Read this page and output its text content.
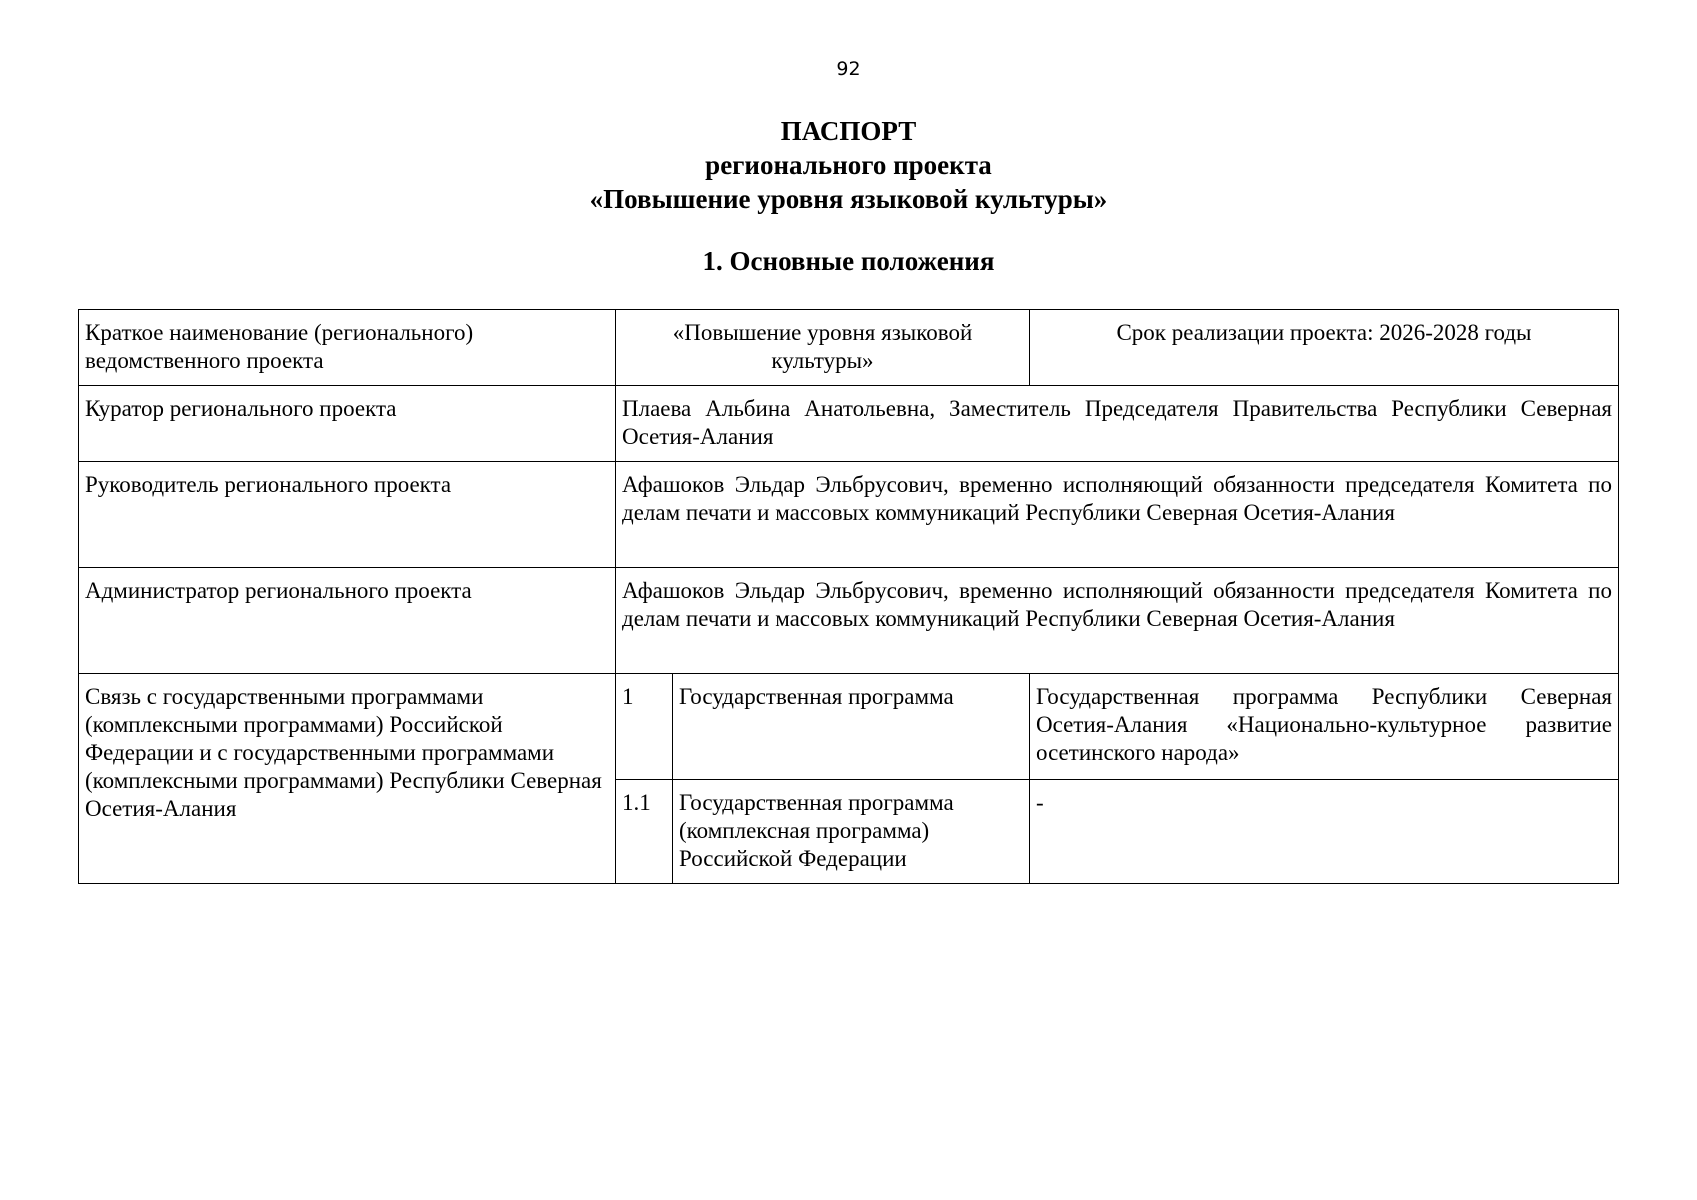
92
ПАСПОРТ
регионального проекта
«Повышение уровня языковой культуры»
1. Основные положения
Краткое наименование (регионального) ведомственного проекта	«Повышение уровня языковой культуры»		Срок реализации проекта: 2026-2028 годы
Куратор регионального проекта	Плаева Альбина Анатольевна, Заместитель Председателя Правительства Республики Северная Осетия-Алания		
Руководитель регионального проекта	Афашоков Эльдар Эльбрусович, временно исполняющий обязанности председателя Комитета по делам печати и массовых коммуникаций Республики Северная Осетия-Алания		
Администратор регионального проекта	Афашоков Эльдар Эльбрусович, временно исполняющий обязанности председателя Комитета по делам печати и массовых коммуникаций Республики Северная Осетия-Алания		
Связь с государственными программами (комплексными программами) Российской Федерации и с государственными программами (комплексными программами) Республики Северная Осетия-Алания	1	Государственная программа	Государственная программа Республики Северная Осетия-Алания «Национально-культурное развитие осетинского народа»
	1.1	Государственная программа (комплексная программа) Российской Федерации	-
